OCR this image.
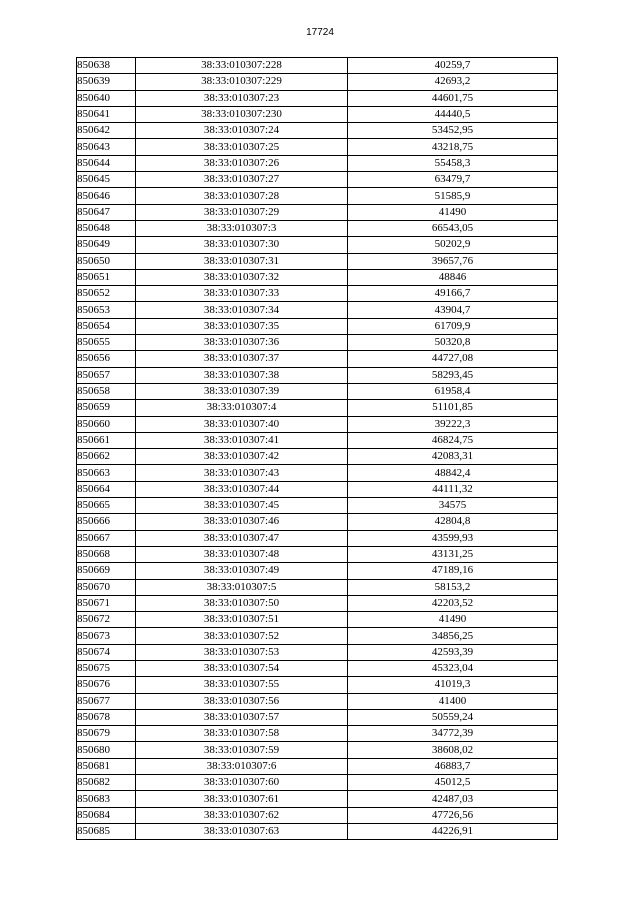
17724
850638	38:33:010307:228	40259,7
850639	38:33:010307:229	42693,2
850640	38:33:010307:23	44601,75
850641	38:33:010307:230	44440,5
850642	38:33:010307:24	53452,95
850643	38:33:010307:25	43218,75
850644	38:33:010307:26	55458,3
850645	38:33:010307:27	63479,7
850646	38:33:010307:28	51585,9
850647	38:33:010307:29	41490
850648	38:33:010307:3	66543,05
850649	38:33:010307:30	50202,9
850650	38:33:010307:31	39657,76
850651	38:33:010307:32	48846
850652	38:33:010307:33	49166,7
850653	38:33:010307:34	43904,7
850654	38:33:010307:35	61709,9
850655	38:33:010307:36	50320,8
850656	38:33:010307:37	44727,08
850657	38:33:010307:38	58293,45
850658	38:33:010307:39	61958,4
850659	38:33:010307:4	51101,85
850660	38:33:010307:40	39222,3
850661	38:33:010307:41	46824,75
850662	38:33:010307:42	42083,31
850663	38:33:010307:43	48842,4
850664	38:33:010307:44	44111,32
850665	38:33:010307:45	34575
850666	38:33:010307:46	42804,8
850667	38:33:010307:47	43599,93
850668	38:33:010307:48	43131,25
850669	38:33:010307:49	47189,16
850670	38:33:010307:5	58153,2
850671	38:33:010307:50	42203,52
850672	38:33:010307:51	41490
850673	38:33:010307:52	34856,25
850674	38:33:010307:53	42593,39
850675	38:33:010307:54	45323,04
850676	38:33:010307:55	41019,3
850677	38:33:010307:56	41400
850678	38:33:010307:57	50559,24
850679	38:33:010307:58	34772,39
850680	38:33:010307:59	38608,02
850681	38:33:010307:6	46883,7
850682	38:33:010307:60	45012,5
850683	38:33:010307:61	42487,03
850684	38:33:010307:62	47726,56
850685	38:33:010307:63	44226,91
